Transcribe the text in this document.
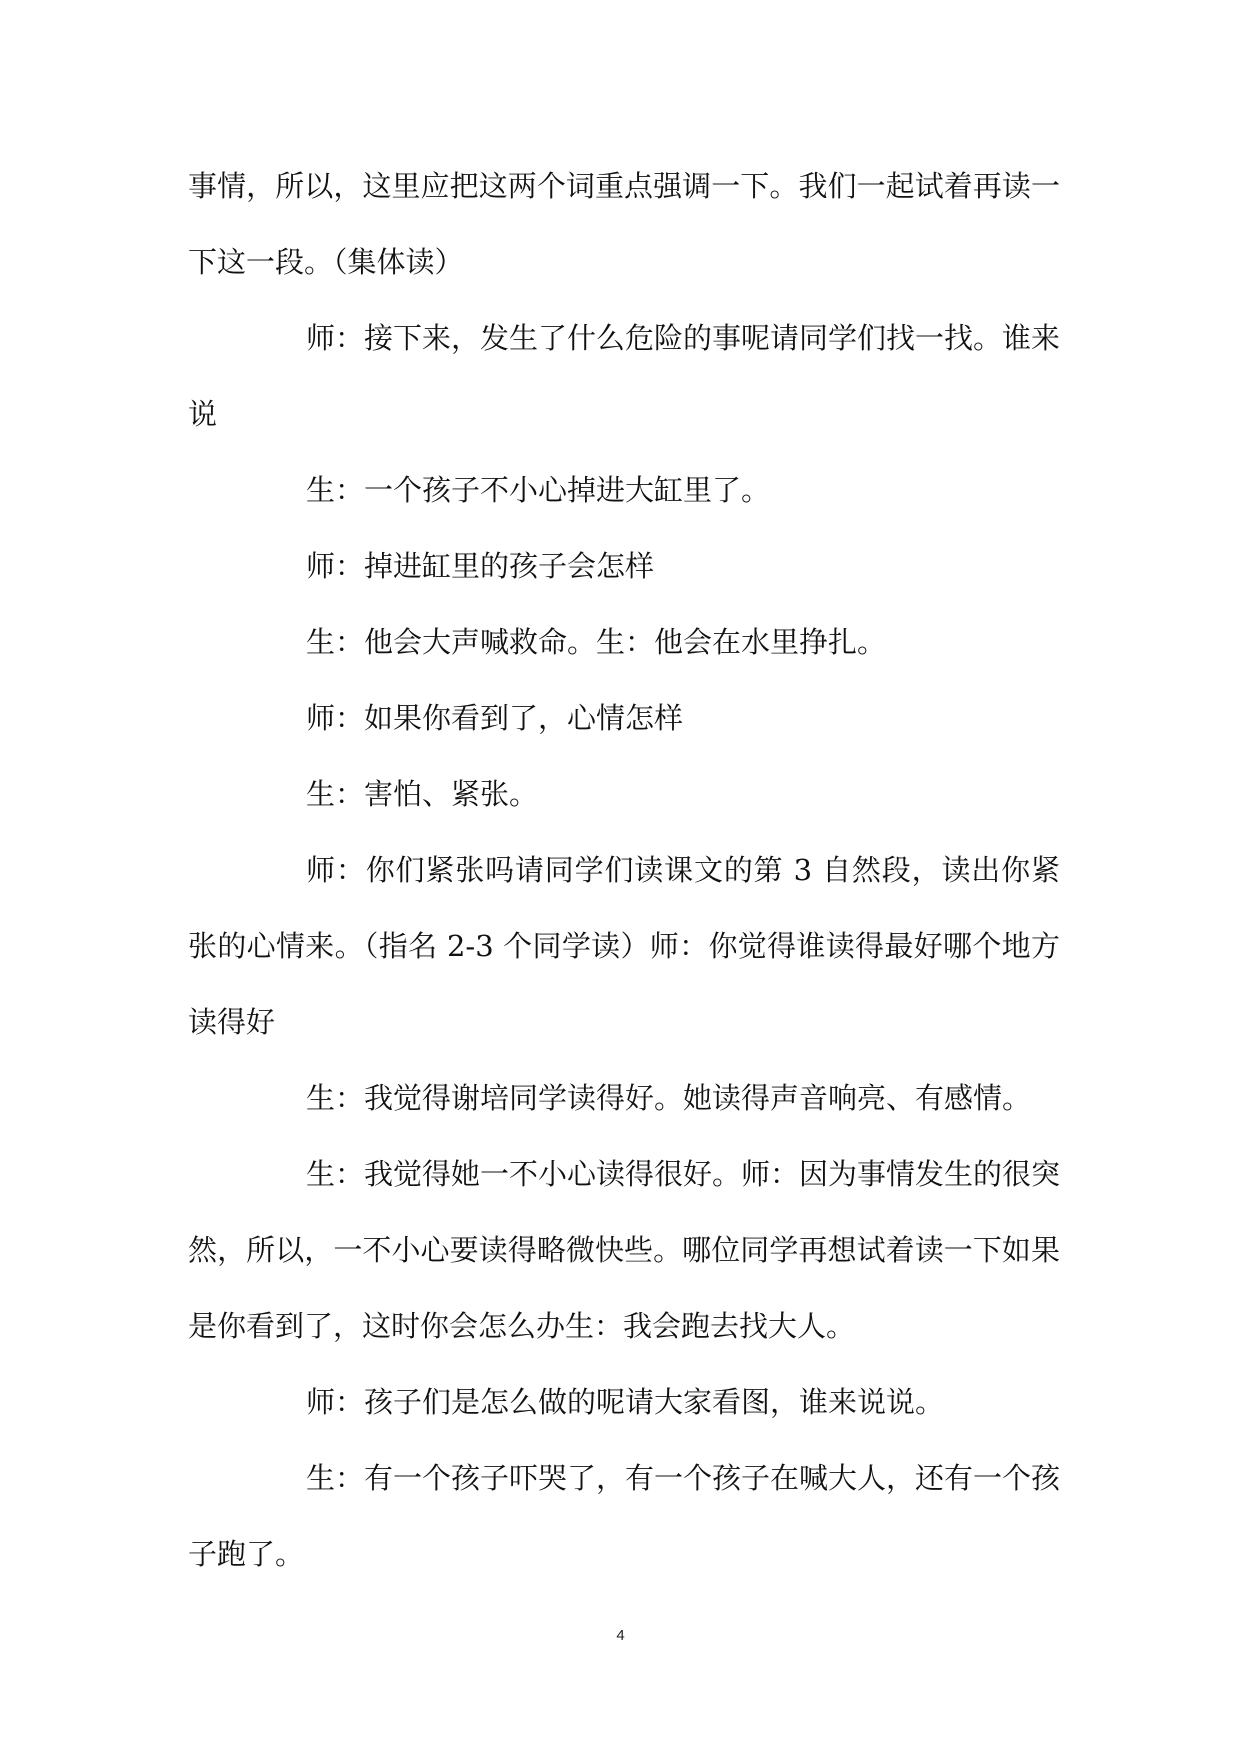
事情，所以，这里应把这两个词重点强调一下。我们一起试着再读一下这一段。（集体读）

师：接下来，发生了什么危险的事呢请同学们找一找。谁来说

生：一个孩子不小心掉进大缸里了。

师：掉进缸里的孩子会怎样

生：他会大声喊救命。生：他会在水里挣扎。

师：如果你看到了，心情怎样

生：害怕、紧张。

师：你们紧张吗请同学们读课文的第 3 自然段，读出你紧张的心情来。（指名 2-3 个同学读）师：你觉得谁读得最好哪个地方读得好

生：我觉得谢培同学读得好。她读得声音响亮、有感情。

生：我觉得她一不小心读得很好。师：因为事情发生的很突然，所以，一不小心要读得略微快些。哪位同学再想试着读一下如果是你看到了，这时你会怎么办生：我会跑去找大人。

师：孩子们是怎么做的呢请大家看图，谁来说说。

生：有一个孩子吓哭了，有一个孩子在喊大人，还有一个孩子跑了。

4
